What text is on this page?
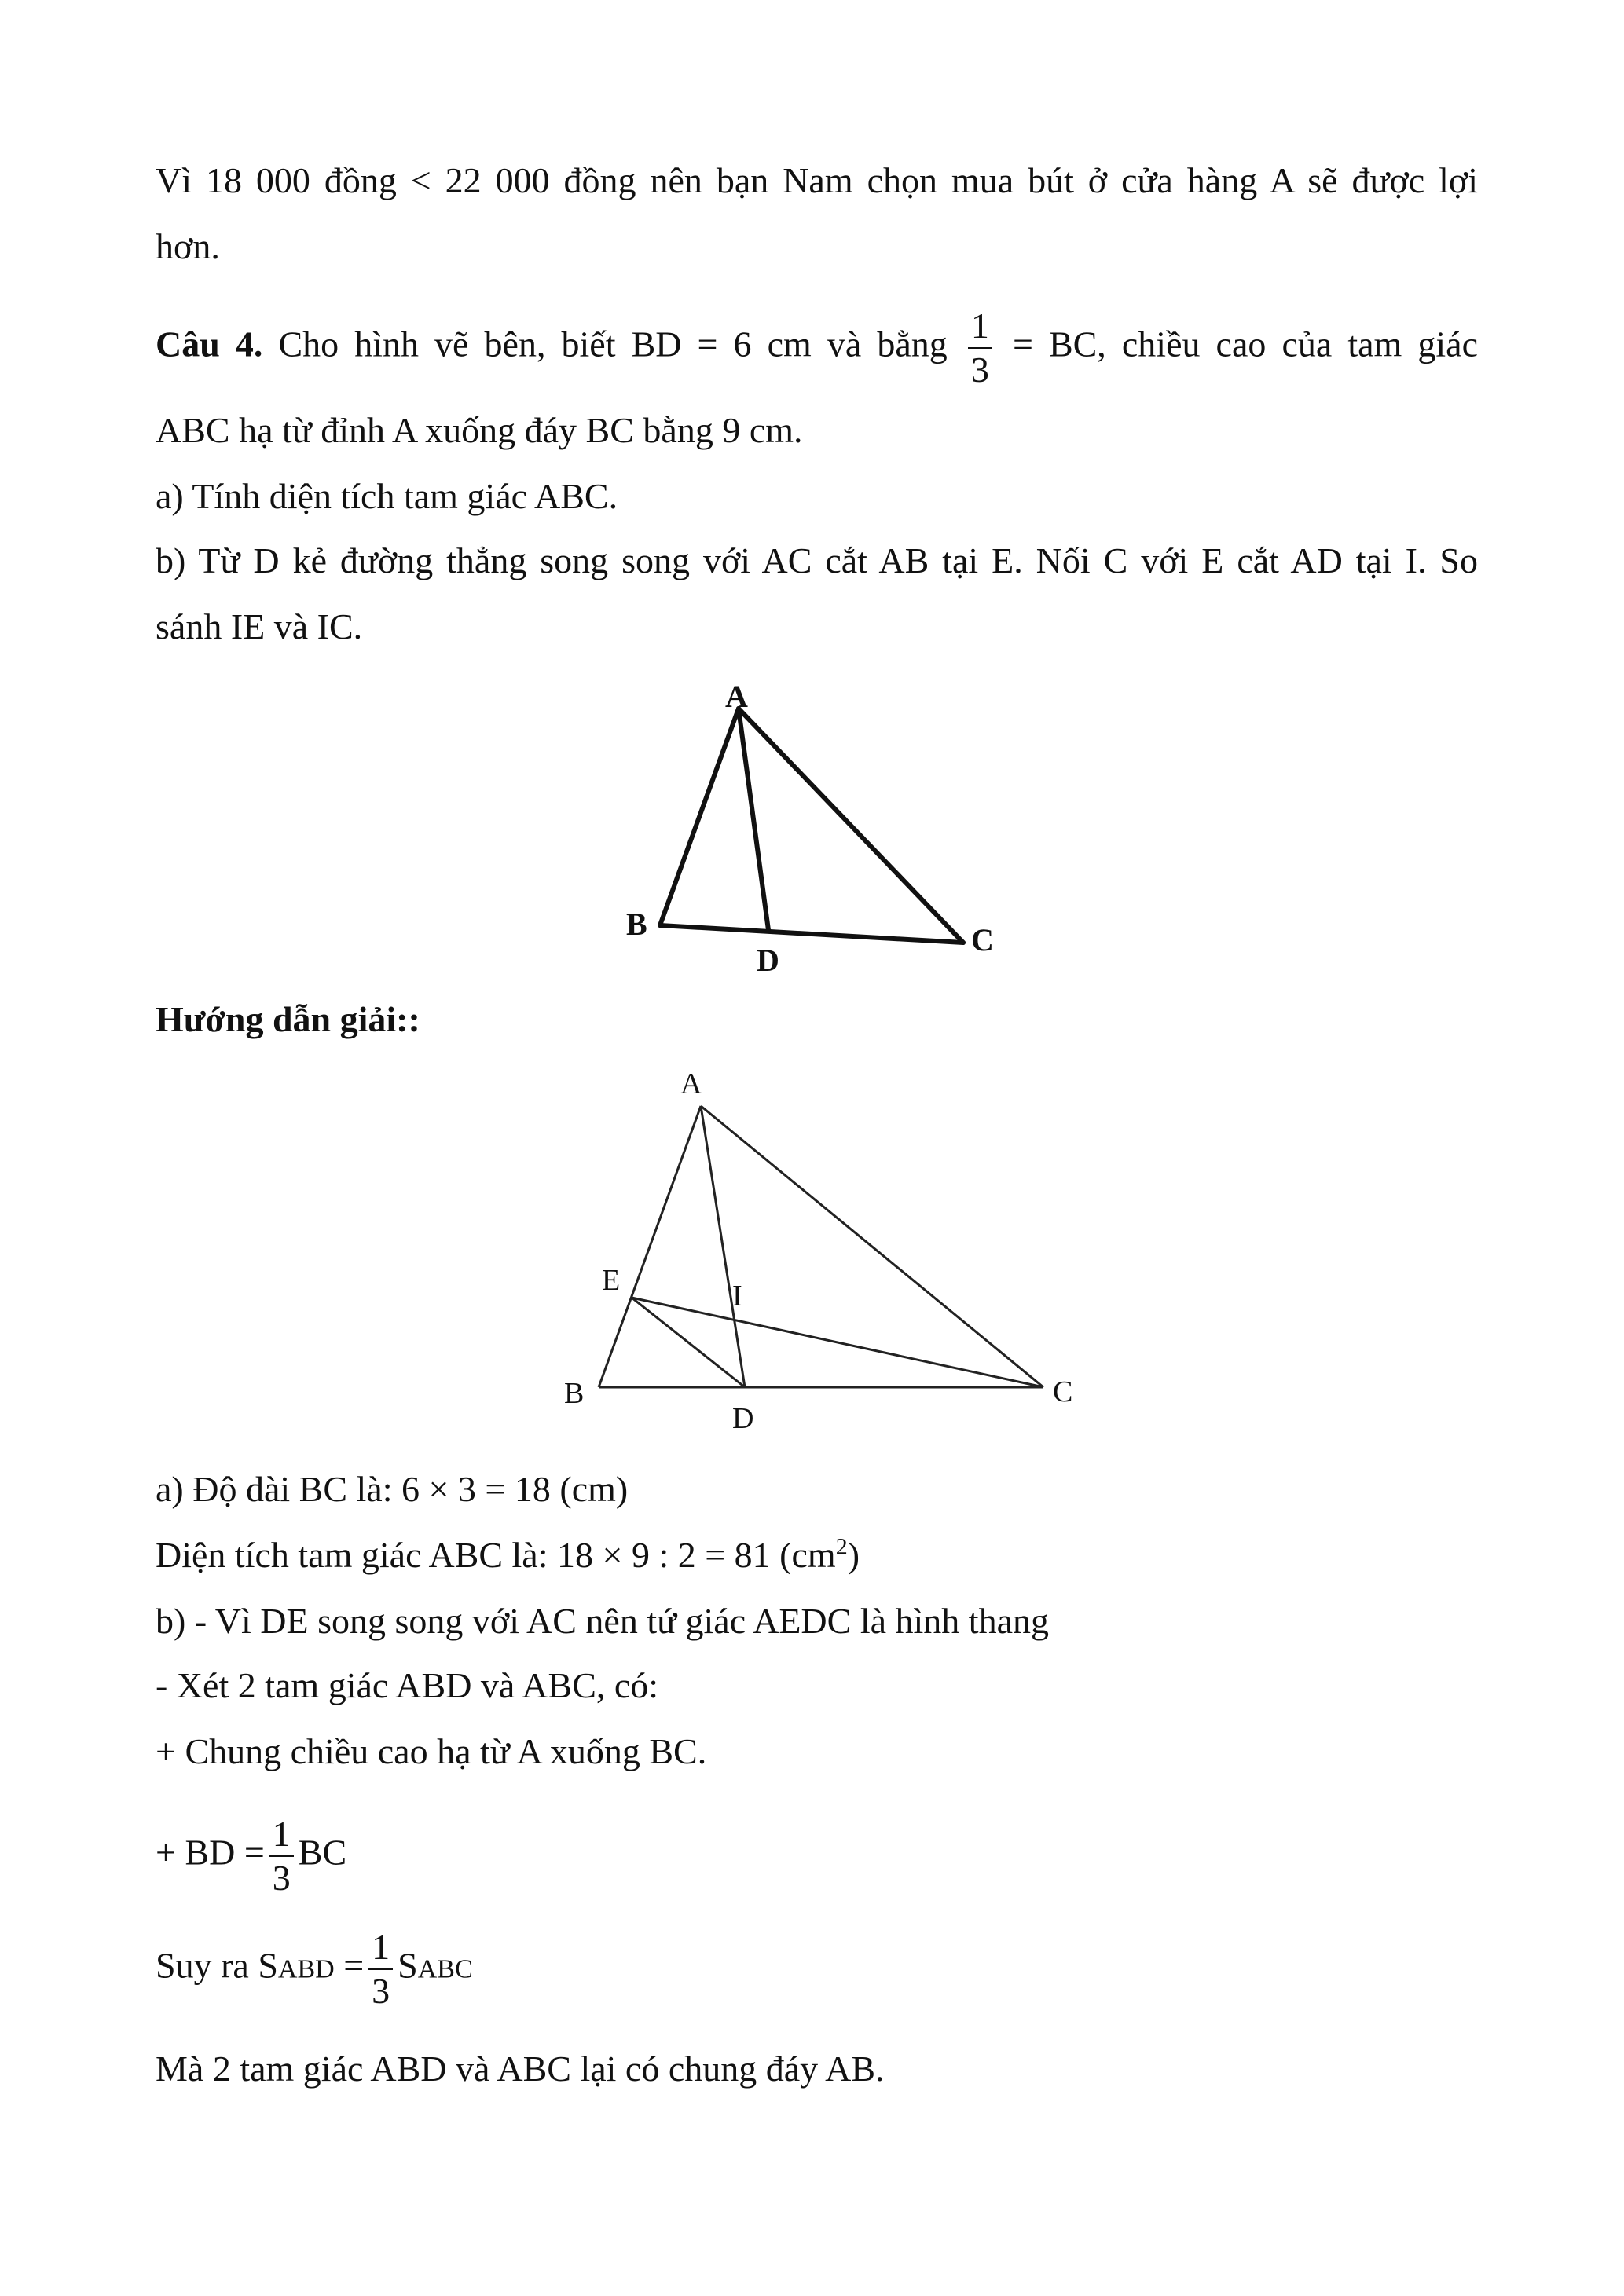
Vì 18 000 đồng < 22 000 đồng nên bạn Nam chọn mua bút ở cửa hàng A sẽ được lợi
hơn.
Câu 4. Cho hình vẽ bên, biết BD = 6 cm và bằng $\frac{1}{3}$ = BC, chiều cao của tam giác
ABC hạ từ đỉnh A xuống đáy BC bằng 9 cm.
a) Tính diện tích tam giác ABC.
b) Từ D kẻ đường thẳng song song với AC cắt AB tại E. Nối C với E cắt AD tại I. So
sánh IE và IC.
A
B	C
D
Hướng dẫn giải::
A
E	I
B
D
C
a) Độ dài BC là: 6 × 3 = 18 (cm)
Diện tích tam giác ABC là: 18 × 9 : 2 = 81 $(cm^2)$
b) - Vì DE song song với AC nên tứ giác AEDC là hình thang
- Xét 2 tam giác ABD và ABC, có:
+ Chung chiều cao hạ từ A xuống BC.
+ BD = $\frac{1}{3}$ BC
Suy ra SABD = $\frac{1}{3}$ SABC
Mà 2 tam giác ABD và ABC lại có chung đáy AB.
